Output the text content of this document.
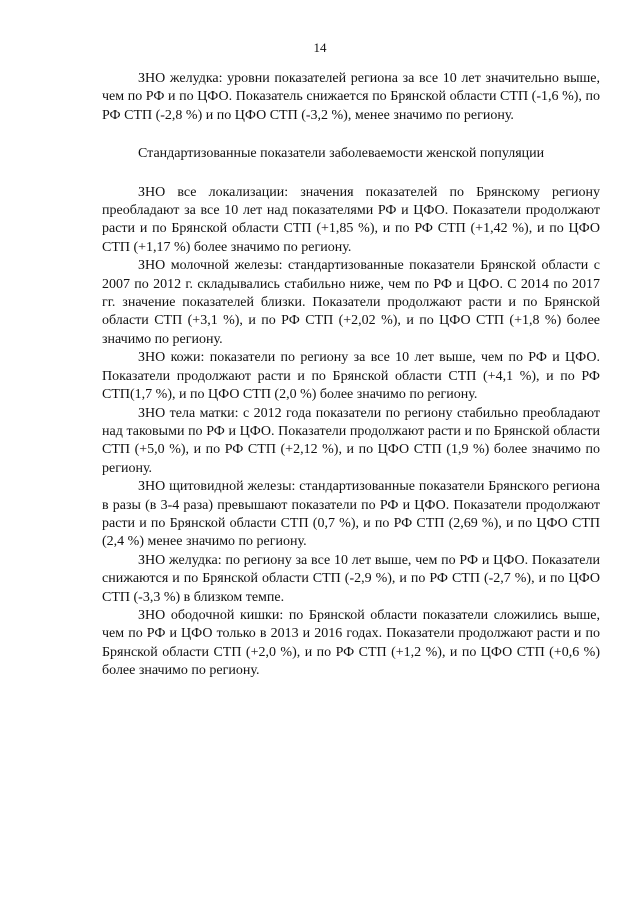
14

ЗНО желудка: уровни показателей региона за все 10 лет значительно выше, чем по РФ и по ЦФО. Показатель снижается по Брянской области СТП (-1,6 %), по РФ СТП (-2,8 %) и по ЦФО СТП (-3,2 %), менее значимо по региону.

Стандартизованные показатели заболеваемости женской популяции

ЗНО все локализации: значения показателей по Брянскому региону преобладают за все 10 лет над показателями РФ и ЦФО. Показатели продолжают расти и по Брянской области СТП (+1,85 %), и по РФ СТП (+1,42 %), и по ЦФО СТП (+1,17 %) более значимо по региону.

ЗНО молочной железы: стандартизованные показатели Брянской области с 2007 по 2012 г. складывались стабильно ниже, чем по РФ и ЦФО. С 2014 по 2017 гг. значение показателей близки. Показатели продолжают расти и по Брянской области СТП (+3,1 %), и по РФ СТП (+2,02 %), и по ЦФО СТП (+1,8 %) более значимо по региону.

ЗНО кожи: показатели по региону за все 10 лет выше, чем по РФ и ЦФО. Показатели продолжают расти и по Брянской области СТП (+4,1 %), и по РФ СТП(1,7 %), и по ЦФО СТП (2,0 %) более значимо по региону.

ЗНО тела матки: с 2012 года показатели по региону стабильно преобладают над таковыми по РФ и ЦФО. Показатели продолжают расти и по Брянской области СТП (+5,0 %), и по РФ СТП (+2,12 %), и по ЦФО СТП (1,9 %) более значимо по региону.

ЗНО щитовидной железы: стандартизованные показатели Брянского региона в разы (в 3-4 раза) превышают показатели по РФ и ЦФО. Показатели продолжают расти и по Брянской области СТП (0,7 %), и по РФ СТП (2,69 %), и по ЦФО СТП (2,4 %) менее значимо по региону.

ЗНО желудка: по региону за все 10 лет выше, чем по РФ и ЦФО. Показатели снижаются и по Брянской области СТП (-2,9 %), и по РФ СТП (-2,7 %), и по ЦФО СТП (-3,3 %) в близком темпе.

ЗНО ободочной кишки: по Брянской области показатели сложились выше, чем по РФ и ЦФО только в 2013 и 2016 годах. Показатели продолжают расти и по Брянской области СТП (+2,0 %), и по РФ СТП (+1,2 %), и по ЦФО СТП (+0,6 %) более значимо по региону.
